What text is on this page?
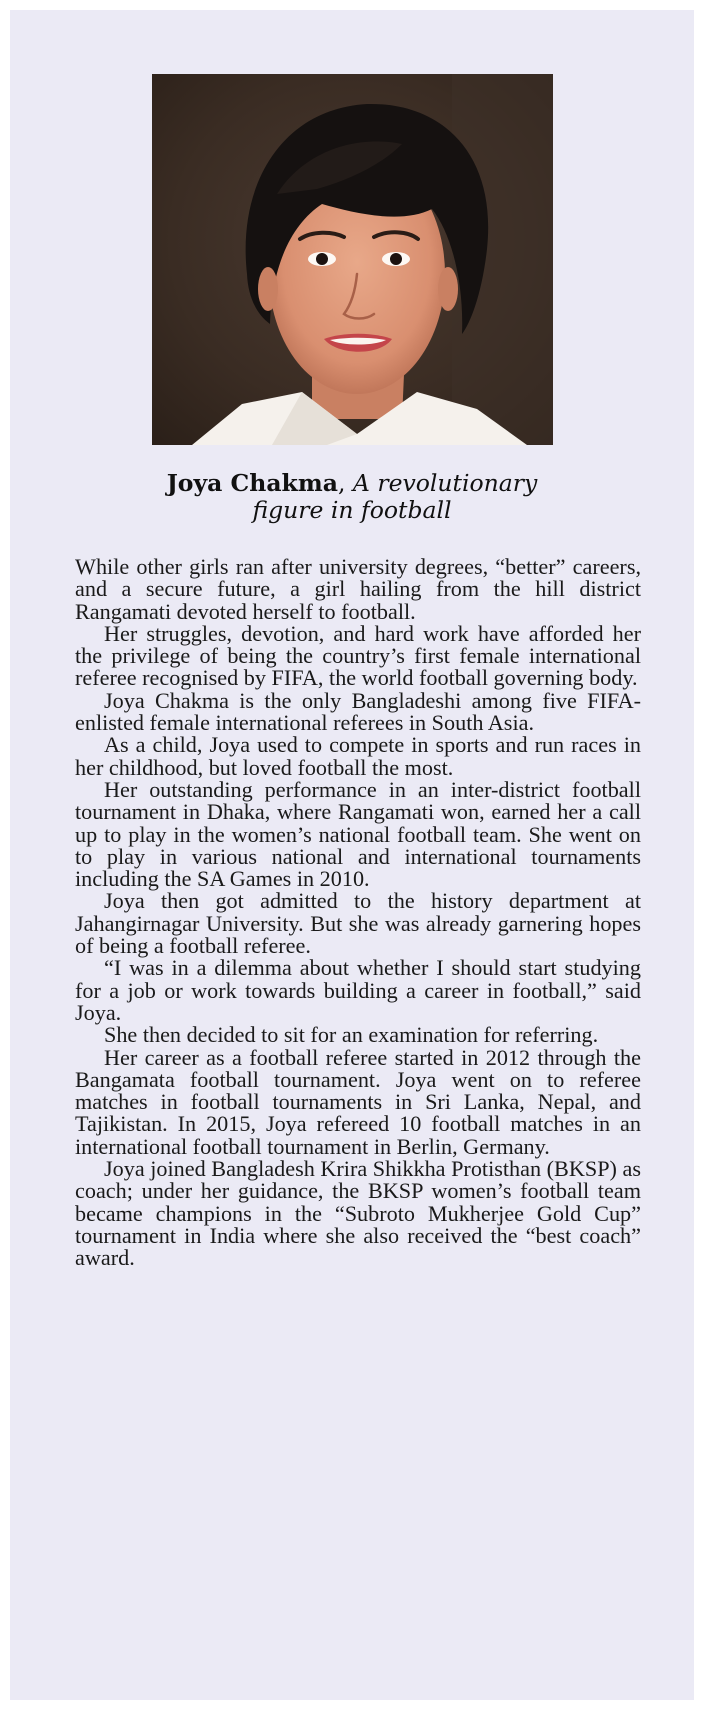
Joya Chakma, A revolutionary
figure in football

While other girls ran after university degrees, “better” careers, and a secure future, a girl hailing from the hill district Rangamati devoted herself to football.

Her struggles, devotion, and hard work have afforded her the privilege of being the country’s first female international referee recognised by FIFA, the world football governing body.

Joya Chakma is the only Bangladeshi among five FIFA-enlisted female international referees in South Asia.

As a child, Joya used to compete in sports and run races in her childhood, but loved football the most.

Her outstanding performance in an inter-district football tournament in Dhaka, where Rangamati won, earned her a call up to play in the women’s national football team. She went on to play in various national and international tournaments including the SA Games in 2010.

Joya then got admitted to the history department at Jahangirnagar University. But she was already garnering hopes of being a football referee.

“I was in a dilemma about whether I should start studying for a job or work towards building a career in football,” said Joya.

She then decided to sit for an examination for referring.

Her career as a football referee started in 2012 through the Bangamata football tournament. Joya went on to referee matches in football tournaments in Sri Lanka, Nepal, and Tajikistan. In 2015, Joya refereed 10 football matches in an international football tournament in Berlin, Germany.

Joya joined Bangladesh Krira Shikkha Protisthan (BKSP) as coach; under her guidance, the BKSP women’s football team became champions in the “Subroto Mukherjee Gold Cup” tournament in India where she also received the “best coach” award.
